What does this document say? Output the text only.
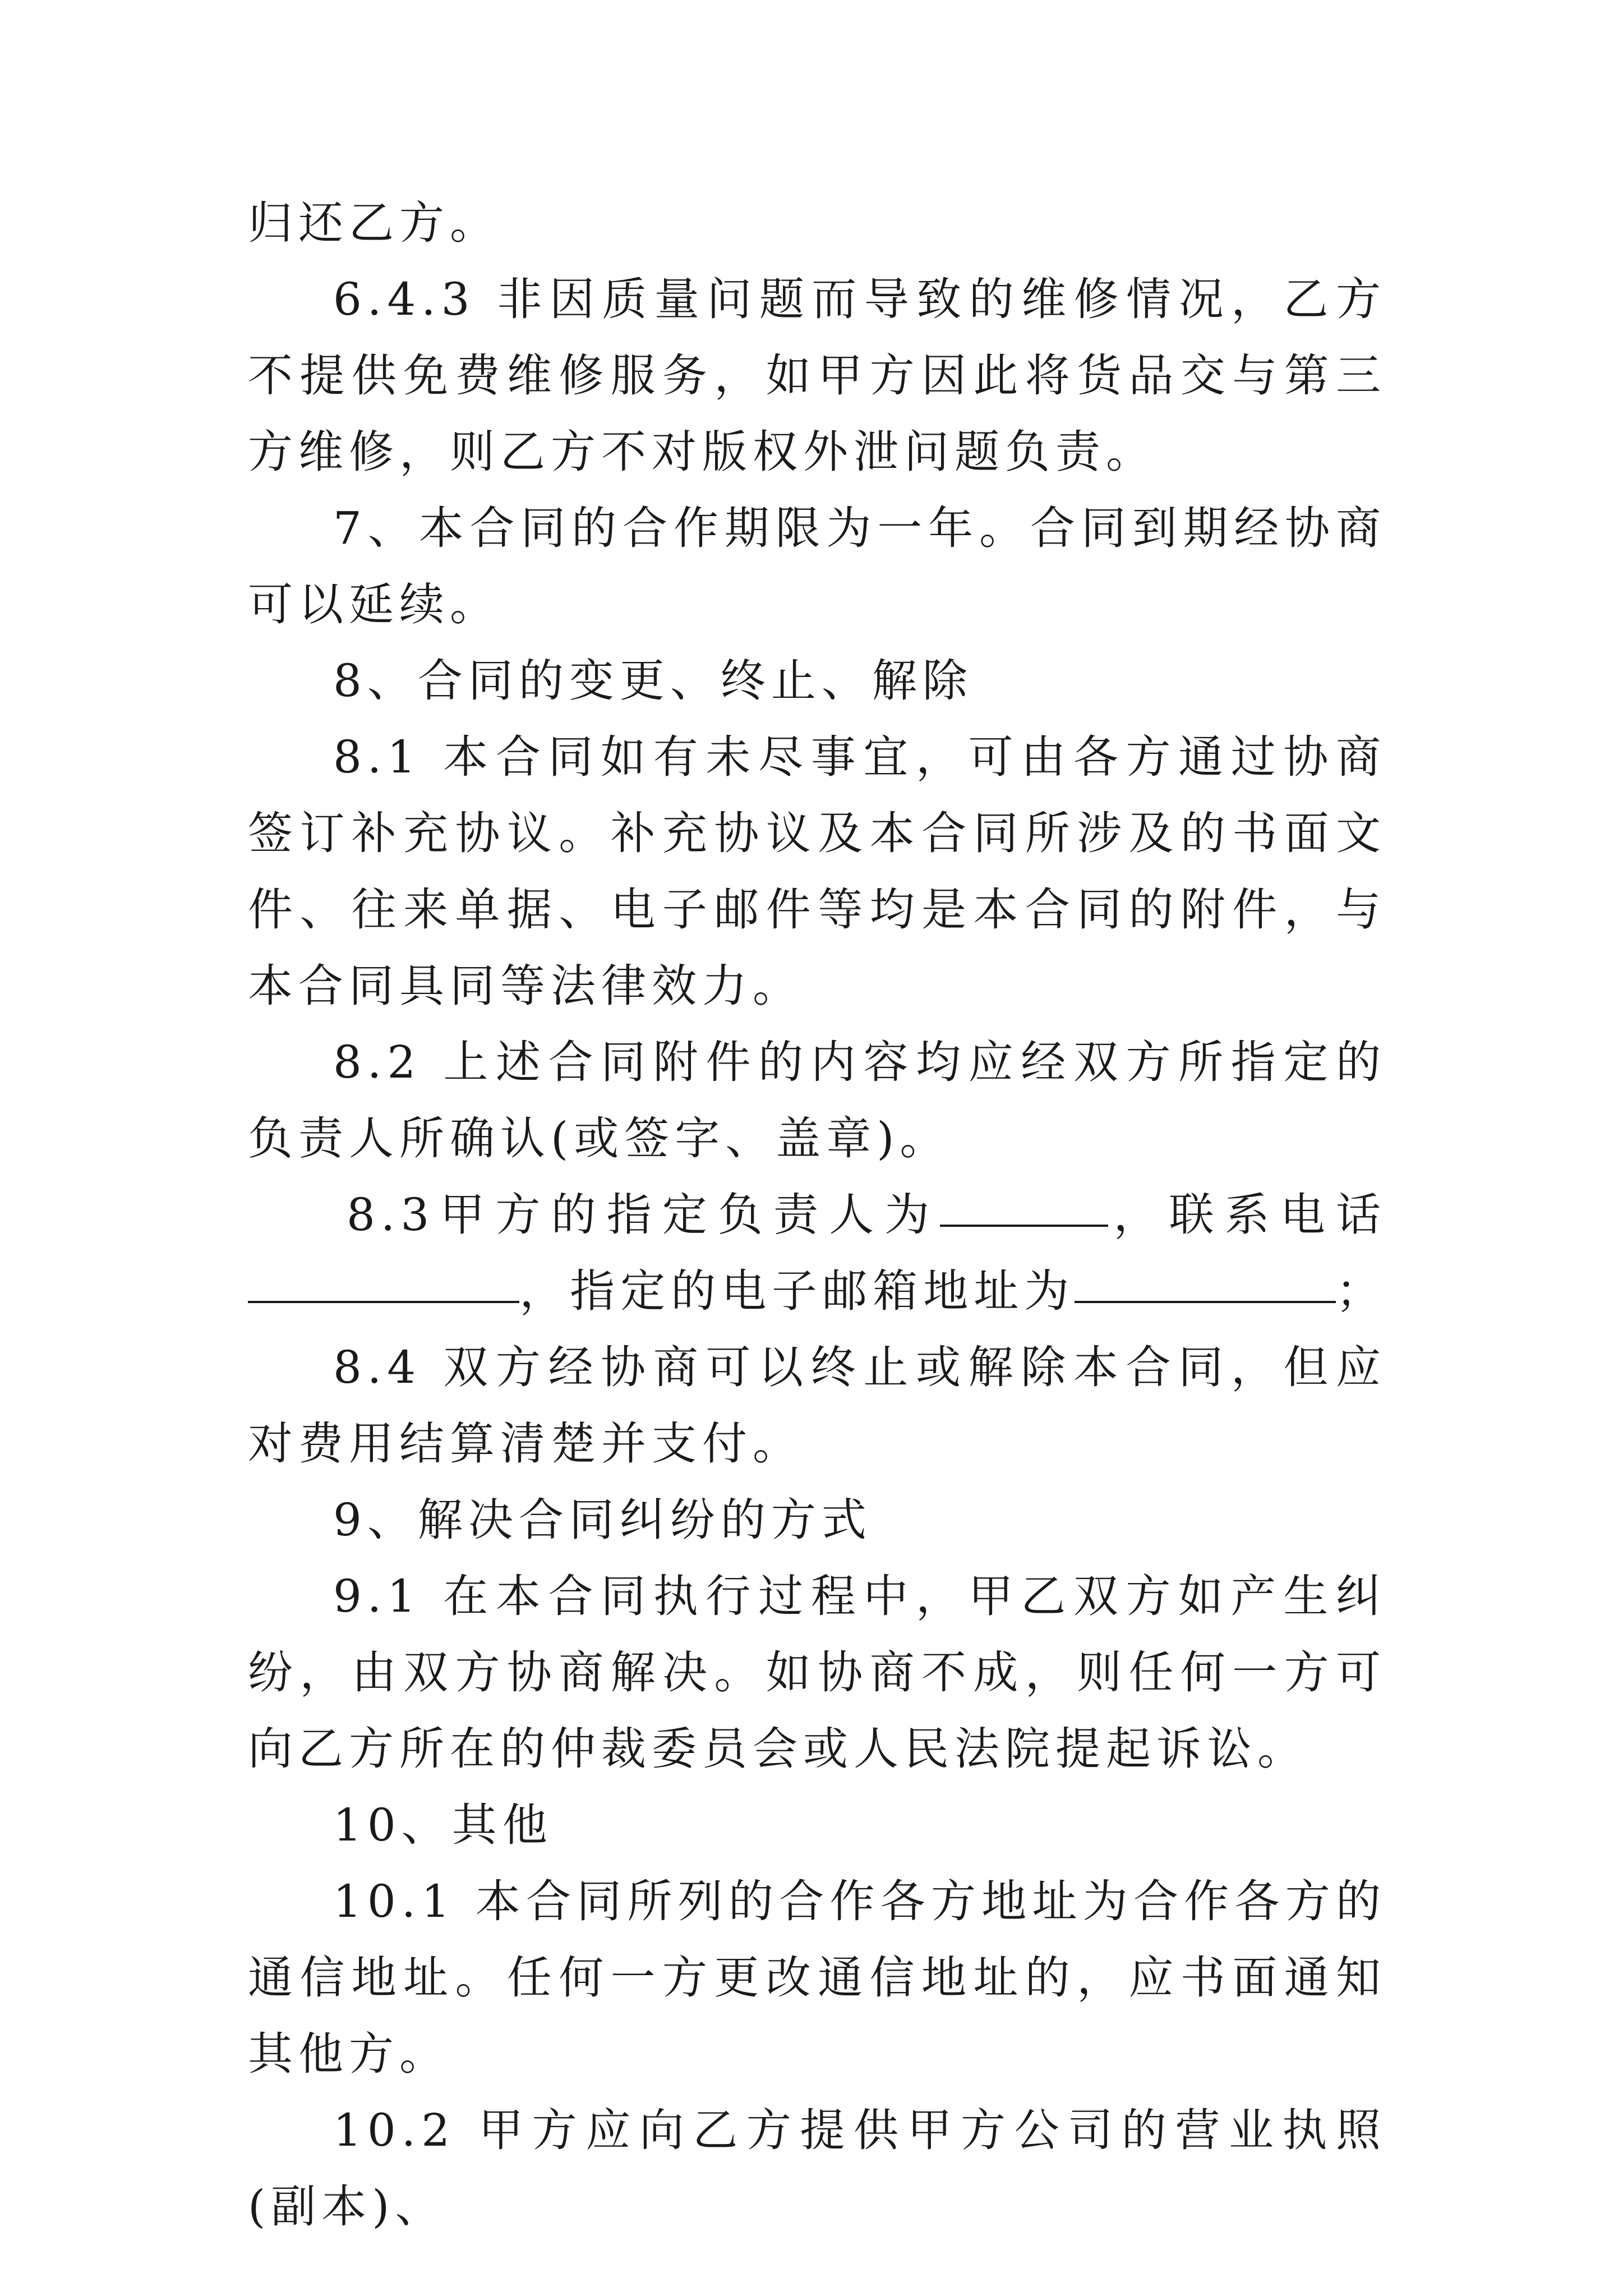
归还乙方。

6.4.3 非因质量问题而导致的维修情况，乙方不提供免费维修服务，如甲方因此将货品交与第三方维修，则乙方不对版权外泄问题负责。

7、本合同的合作期限为一年。合同到期经协商可以延续。

8、合同的变更、终止、解除

8.1 本合同如有未尽事宜，可由各方通过协商签订补充协议。补充协议及本合同所涉及的书面文件、往来单据、电子邮件等均是本合同的附件，与本合同具同等法律效力。

8.2 上述合同附件的内容均应经双方所指定的负责人所确认(或签字、盖章)。

8.3 甲 方 的 指 定 负 责 人 为	， 联 系 电 话
，指定的电子邮箱地址为	；

8.4 双方经协商可以终止或解除本合同，但应对费用结算清楚并支付。

9、解决合同纠纷的方式

9.1 在本合同执行过程中，甲乙双方如产生纠纷，由双方协商解决。如协商不成，则任何一方可向乙方所在的仲裁委员会或人民法院提起诉讼。

10、其他

10.1 本合同所列的合作各方地址为合作各方的通信地址。任何一方更改通信地址的，应书面通知其他方。

10.2 甲方应向乙方提供甲方公司的营业执照(副本)、
